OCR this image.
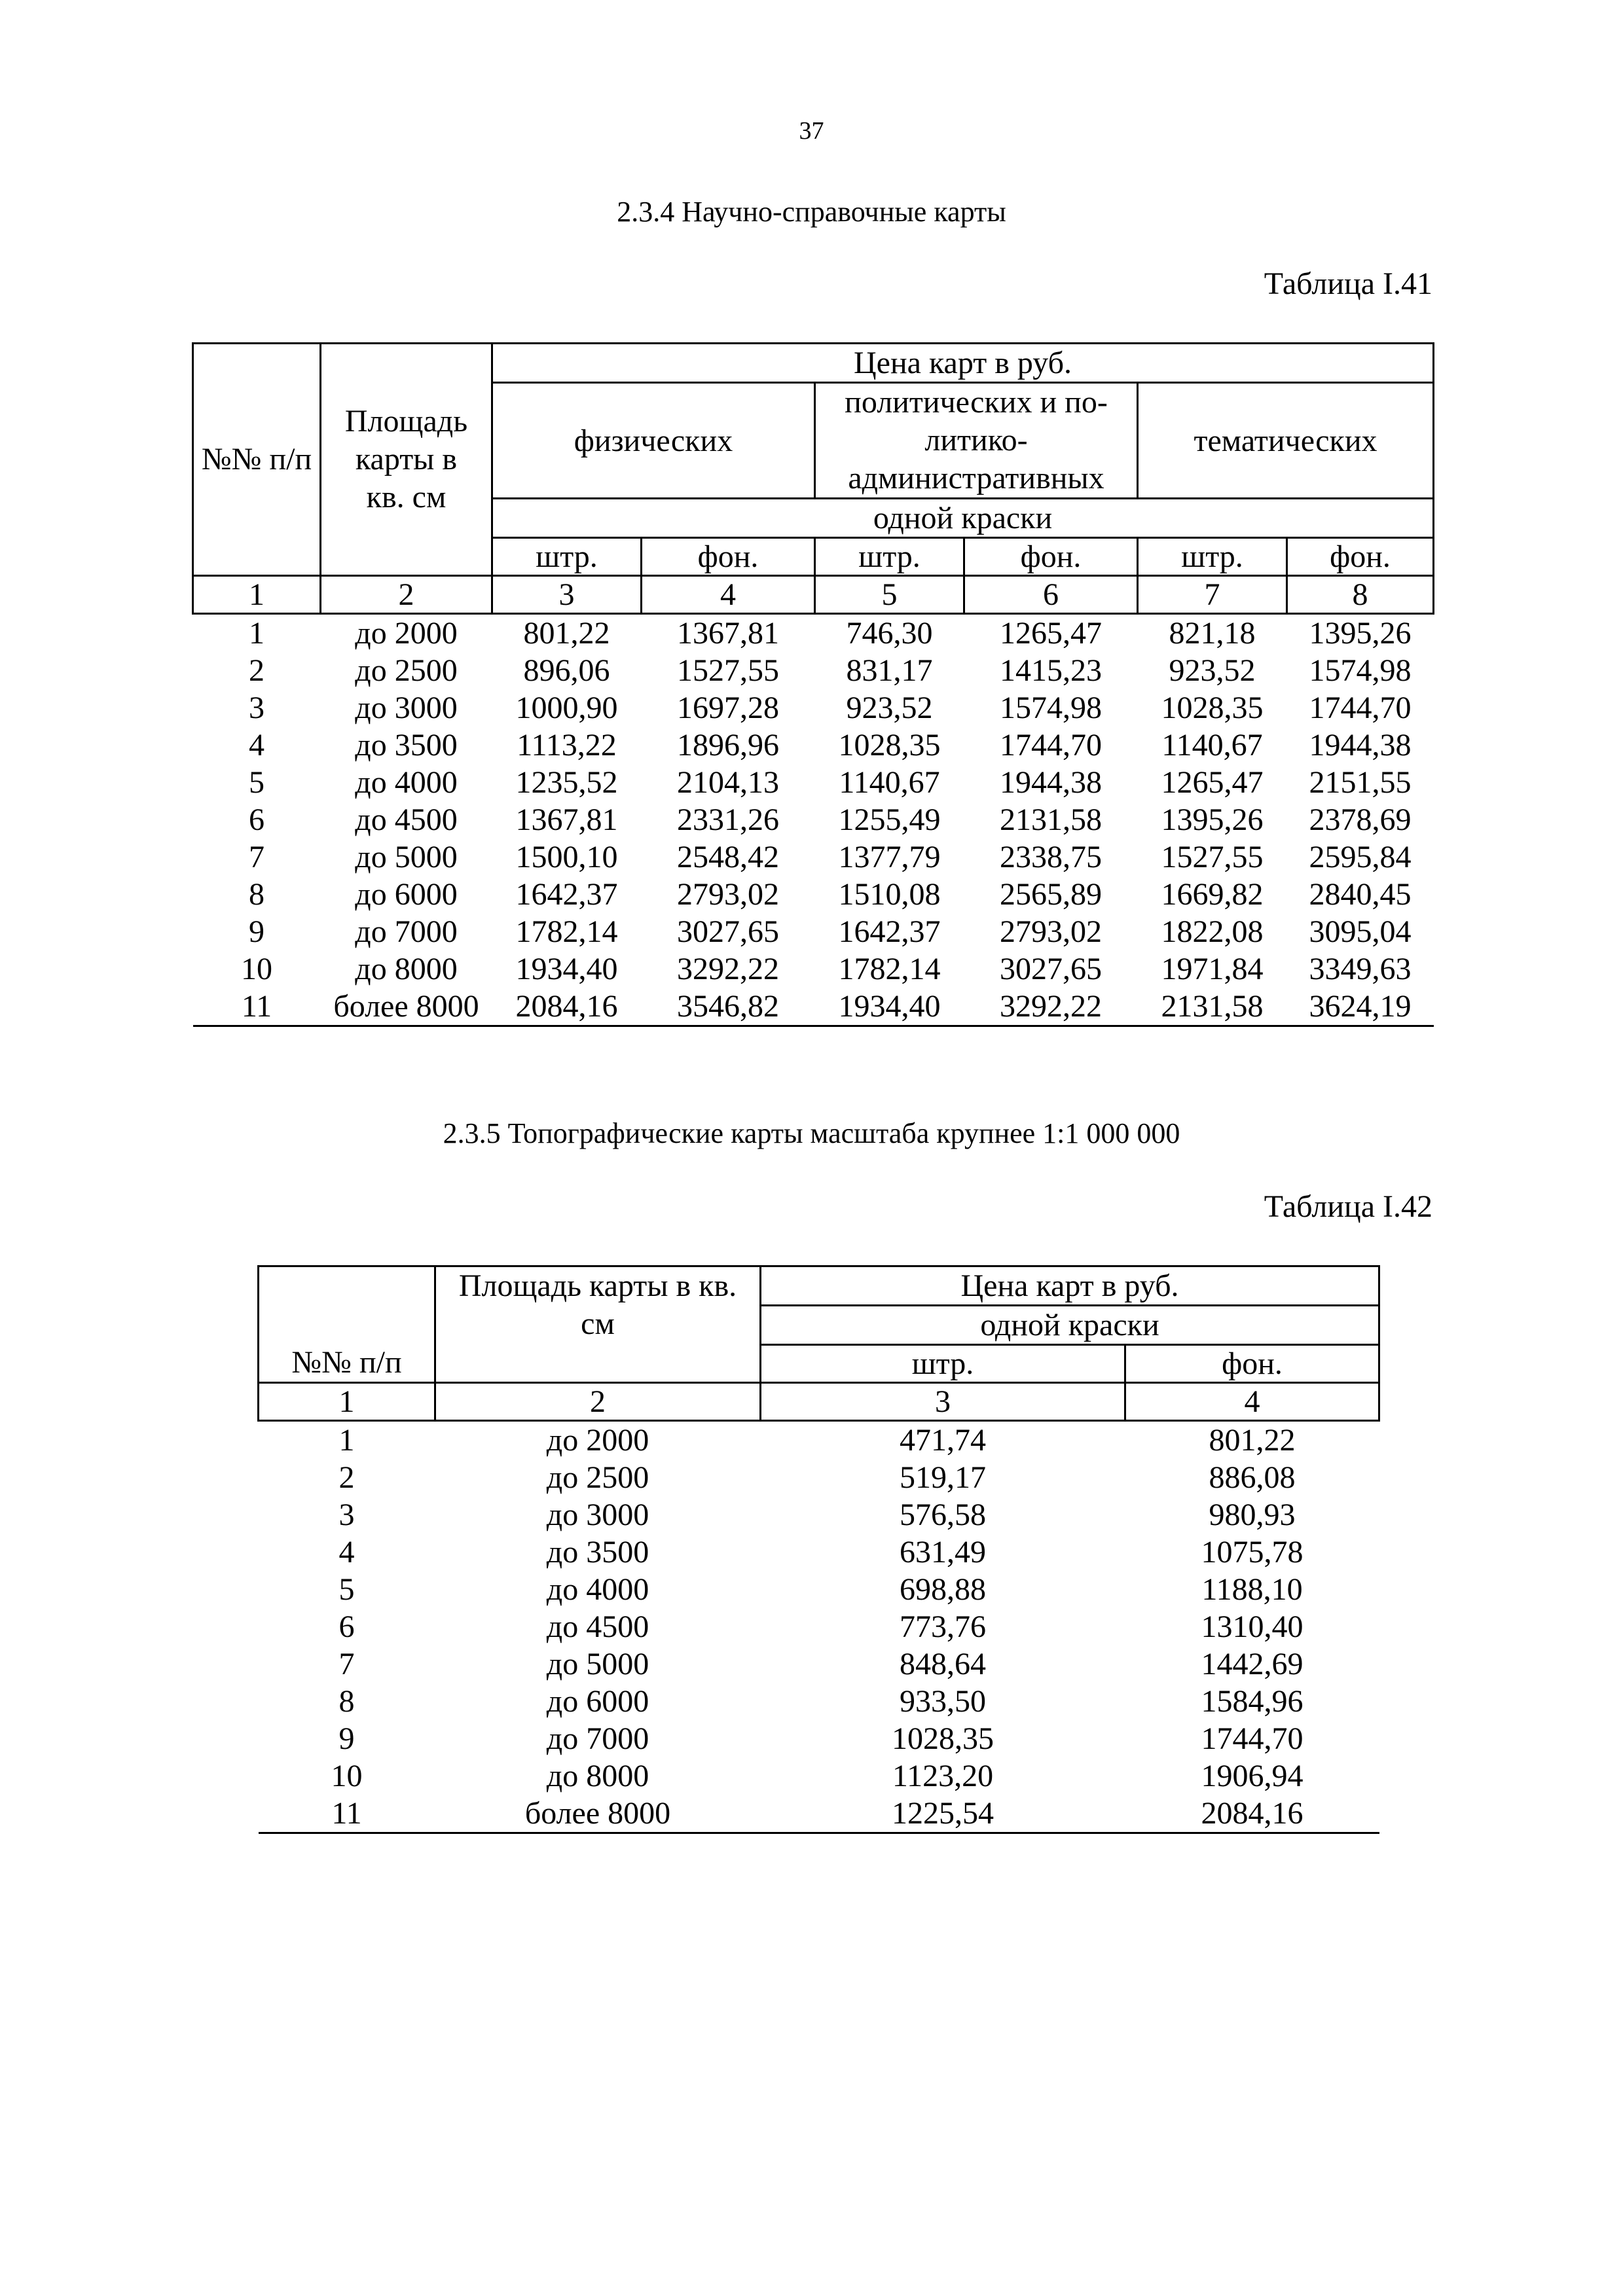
37
2.3.4 Научно-справочные карты
Таблица I.41
№№ п/п	Площадь карты в кв. см	Цена карт в руб.					
		физических		политических и по-литико-административных		тематических	
		одной краски					
		штр.	фон.	штр.	фон.	штр.	фон.
1	2	3	4	5	6	7	8
1	до 2000	801,22	1367,81	746,30	1265,47	821,18	1395,26
2	до 2500	896,06	1527,55	831,17	1415,23	923,52	1574,98
3	до 3000	1000,90	1697,28	923,52	1574,98	1028,35	1744,70
4	до 3500	1113,22	1896,96	1028,35	1744,70	1140,67	1944,38
5	до 4000	1235,52	2104,13	1140,67	1944,38	1265,47	2151,55
6	до 4500	1367,81	2331,26	1255,49	2131,58	1395,26	2378,69
7	до 5000	1500,10	2548,42	1377,79	2338,75	1527,55	2595,84
8	до 6000	1642,37	2793,02	1510,08	2565,89	1669,82	2840,45
9	до 7000	1782,14	3027,65	1642,37	2793,02	1822,08	3095,04
10	до 8000	1934,40	3292,22	1782,14	3027,65	1971,84	3349,63
11	более 8000	2084,16	3546,82	1934,40	3292,22	2131,58	3624,19
2.3.5 Топографические карты масштаба крупнее 1:1 000 000
Таблица I.42
№№ п/п	Площадь карты в кв. см	Цена карт в руб.	
		одной краски	
		штр.	фон.
1	2	3	4
1	до 2000	471,74	801,22
2	до 2500	519,17	886,08
3	до 3000	576,58	980,93
4	до 3500	631,49	1075,78
5	до 4000	698,88	1188,10
6	до 4500	773,76	1310,40
7	до 5000	848,64	1442,69
8	до 6000	933,50	1584,96
9	до 7000	1028,35	1744,70
10	до 8000	1123,20	1906,94
11	более 8000	1225,54	2084,16
